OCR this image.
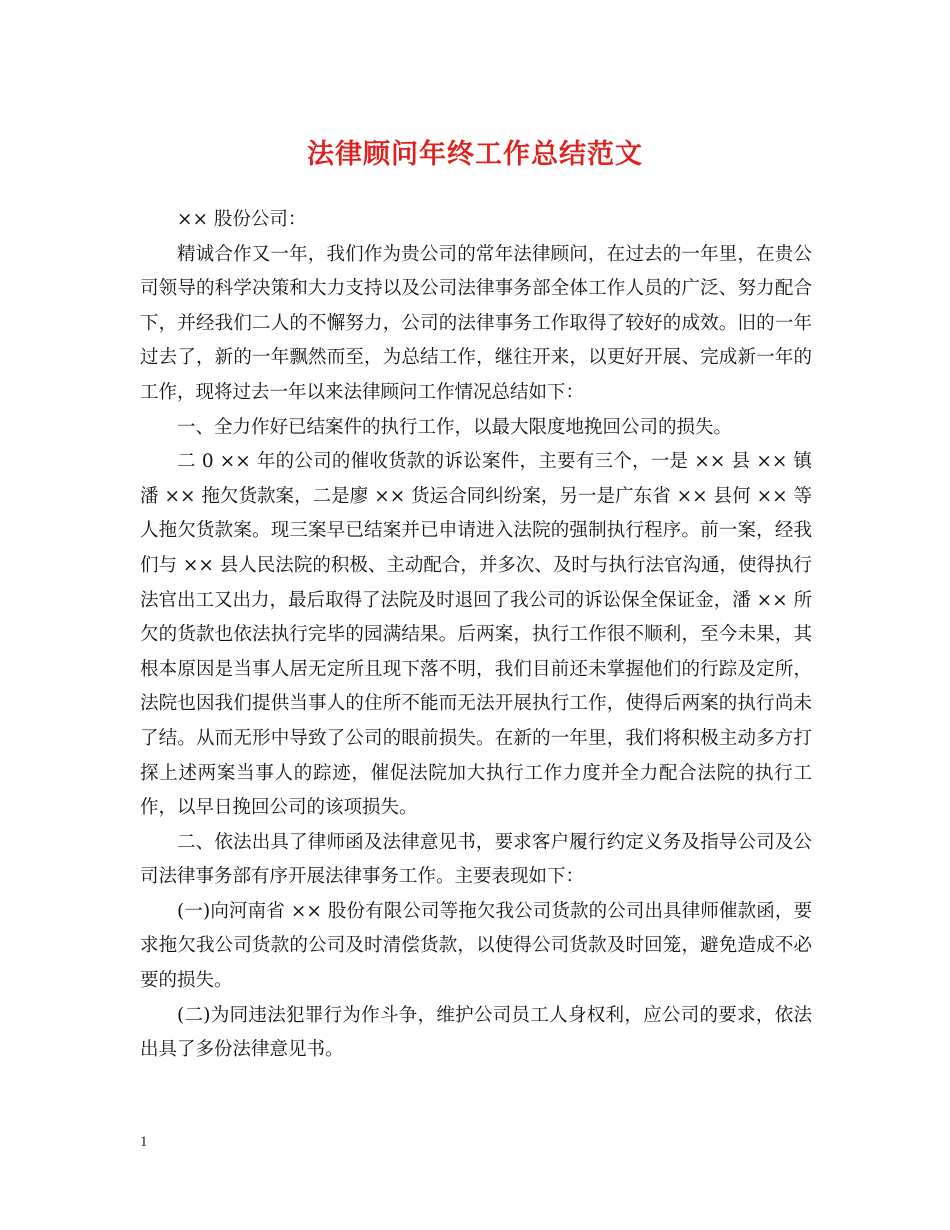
法律顾问年终工作总结范文

×× 股份公司：

精诚合作又一年，我们作为贵公司的常年法律顾问，在过去的一年里，在贵公司领导的科学决策和大力支持以及公司法律事务部全体工作人员的广泛、努力配合下，并经我们二人的不懈努力，公司的法律事务工作取得了较好的成效。旧的一年过去了，新的一年飘然而至，为总结工作，继往开来，以更好开展、完成新一年的工作，现将过去一年以来法律顾问工作情况总结如下：

一、全力作好已结案件的执行工作，以最大限度地挽回公司的损失。

二 0 ×× 年的公司的催收货款的诉讼案件，主要有三个，一是 ×× 县 ×× 镇潘 ×× 拖欠货款案，二是廖 ×× 货运合同纠纷案，另一是广东省 ×× 县何 ×× 等人拖欠货款案。现三案早已结案并已申请进入法院的强制执行程序。前一案，经我们与 ×× 县人民法院的积极、主动配合，并多次、及时与执行法官沟通，使得执行法官出工又出力，最后取得了法院及时退回了我公司的诉讼保全保证金，潘 ×× 所欠的货款也依法执行完毕的园满结果。后两案，执行工作很不顺利，至今未果，其根本原因是当事人居无定所且现下落不明，我们目前还未掌握他们的行踪及定所，法院也因我们提供当事人的住所不能而无法开展执行工作，使得后两案的执行尚未了结。从而无形中导致了公司的眼前损失。在新的一年里，我们将积极主动多方打探上述两案当事人的踪迹，催促法院加大执行工作力度并全力配合法院的执行工作，以早日挽回公司的该项损失。

二、依法出具了律师函及法律意见书，要求客户履行约定义务及指导公司及公司法律事务部有序开展法律事务工作。主要表现如下：

(一)向河南省 ×× 股份有限公司等拖欠我公司货款的公司出具律师催款函，要求拖欠我公司货款的公司及时清偿货款，以使得公司货款及时回笼，避免造成不必要的损失。

(二)为同违法犯罪行为作斗争，维护公司员工人身权利，应公司的要求，依法出具了多份法律意见书。

1
